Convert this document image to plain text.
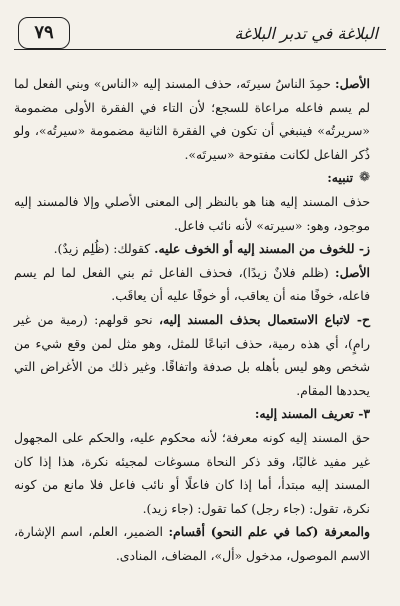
البلاغة في تدبر البلاغة
٧٩

الأصل: حمِدَ الناسُ سيرتَه، حذف المسند إليه «الناس» وبني الفعل لما لم يسم فاعله مراعاة للسجع؛ لأن التاء في الفقرة الأولى مضمومة «سريرتُه» فينبغي أن تكون في الفقرة الثانية مضمومة «سيرتُه»، ولو ذُكر الفاعل لكانت مفتوحة «سيرتَه».

❁
تنبيه:

حذف المسند إليه هنا هو بالنظر إلى المعنى الأصلي وإلا فالمسند إليه موجود، وهو: «سيرته» لأنه نائب فاعل.

ز- للخوف من المسند إليه أو الخوف عليه. كقولك: (ظُلِم زيدٌ).

الأصل: (ظلم فلانٌ زيدًا)، فحذف الفاعل ثم بني الفعل لما لم يسم فاعله، خوفًا منه أن يعاقب، أو خوفًا عليه أن يعاقَب.

ح- لاتباع الاستعمال بحذف المسند إليه، نحو قولهم: (رمية من غير رامٍ)، أي هذه رمية، حذف اتباعًا للمثل، وهو مثل لمن وقع شيء من شخص وهو ليس بأهله بل صدفة واتفاقًا. وغير ذلك من الأغراض التي يحددها المقام.

٣- تعريف المسند إليه:

حق المسند إليه كونه معرفة؛ لأنه محكوم عليه، والحكم على المجهول غير مفيد غالبًا، وقد ذكر النحاة مسوغات لمجيئه نكرة، هذا إذا كان المسند إليه مبتدأ، أما إذا كان فاعلًا أو نائب فاعل فلا مانع من كونه نكرة، تقول: (جاء رجل) كما تقول: (جاء زيد).

والمعرفة (كما في علم النحو) أقسام: الضمير، العلم، اسم الإشارة، الاسم الموصول، مدخول «أل»، المضاف، المنادى.
